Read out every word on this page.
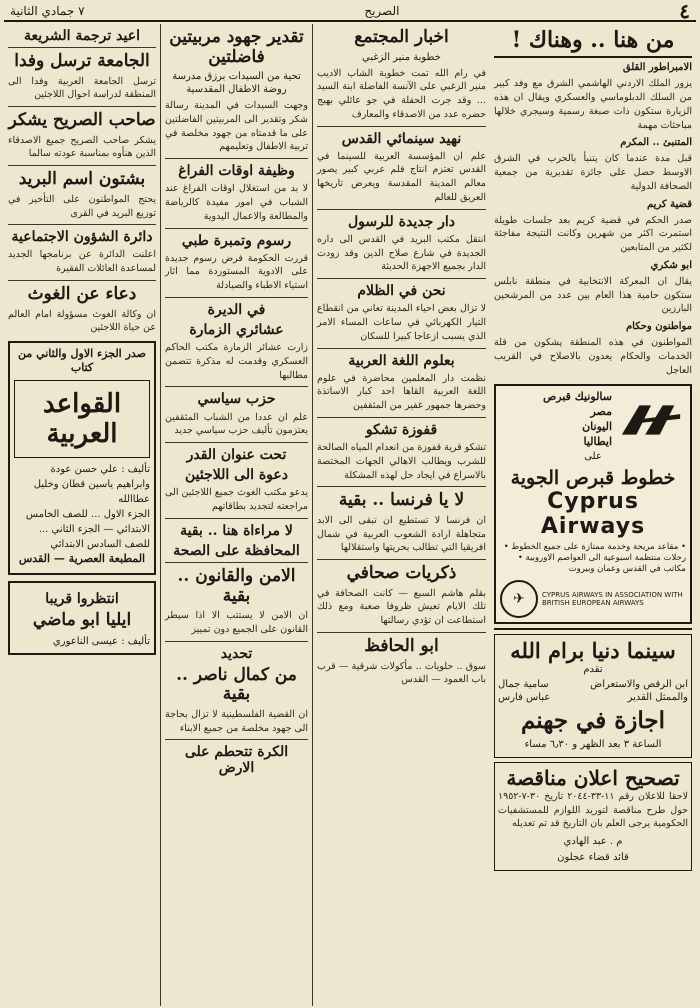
٤
الصريح
٧ جمادي الثانية
من هنا .. وهناك !
الامبراطور القلق
يزور الملك الاردني الهاشمي الشرق مع وفد كبير من السلك الدبلوماسي والعسكري ويقال ان هذه الزيارة ستكون ذات صبغة رسمية وسيجري خلالها مباحثات مهمة
المتنبئ .. المكرم
قبل مدة عندما كان يتنبأ بالحرب في الشرق الاوسط حصل على جائزة تقديرية من جمعية الصحافة الدولية
قضية كريم
صدر الحكم في قضية كريم بعد جلسات طويلة استمرت اكثر من شهرين وكانت النتيجة مفاجئة لكثير من المتابعين
ابو شكري
يقال ان المعركة الانتخابية في منطقة نابلس ستكون حامية هذا العام بين عدد من المرشحين البارزين
مواطنون وحكام
المواطنون في هذه المنطقة يشكون من قلة الخدمات والحكام يعدون بالاصلاح في القريب العاجل
سالونيك قبرص
مصر
اليونان
ايطاليا
على
خطوط قبرص الجوية
Cyprus Airways
• مقاعد مريحة وخدمة ممتازة على جميع الخطوط • رحلات منتظمة اسبوعية الى العواصم الاوروبية • مكاتب في القدس وعمان وبيروت
✈	CYPRUS AIRWAYS IN ASSOCIATION WITH BRITISH EUROPEAN AIRWAYS
سينما دنيا برام الله
تقدم
ابن الرقص والاستعراض
سامية جمال
والممثل القدير
عباس فارس
اجازة في جهنم
الساعة ٣ بعد الظهر و ٦٫٣٠ مساء
تصحيح اعلان مناقصة
لاحقا للاعلان رقم ١١-٣٣-٢٠٤٤ تاريخ ٣٠-٧-١٩٥٢ حول طرح مناقصة لتوريد اللوازم للمستشفيات الحكومية يرجى العلم بان التاريخ قد تم تعديله
م . عبد الهادي
قائد قضاء عجلون
اخبار المجتمع
خطوبة منير الزغبي
في رام الله تمت خطوبة الشاب الاديب منير الزغبي على الآنسة الفاضلة ابنة السيد ... وقد جرت الحفلة في جو عائلي بهيج حضره عدد من الاصدقاء والمعارف
نهيد سينمائي القدس
علم ان المؤسسة العربية للسينما في القدس تعتزم انتاج فلم عربي كبير يصور معالم المدينة المقدسة ويعرض تاريخها العريق للعالم
دار جديدة للرسول
انتقل مكتب البريد في القدس الى داره الجديدة في شارع صلاح الدين وقد زودت الدار بجميع الاجهزة الحديثة
نحن في الظلام
لا تزال بعض احياء المدينة تعاني من انقطاع التيار الكهربائي في ساعات المساء الامر الذي يسبب ازعاجا كبيرا للسكان
بعلوم اللغة العربية
نظمت دار المعلمين محاضرة في علوم اللغة العربية القاها احد كبار الاساتذة وحضرها جمهور غفير من المثقفين
قفوزة تشكو
تشكو قرية قفوزة من انعدام المياه الصالحة للشرب ويطالب الاهالي الجهات المختصة بالاسراع في ايجاد حل لهذه المشكلة
لا يا فرنسا .. بقية
ان فرنسا لا تستطيع ان تبقى الى الابد متجاهلة ارادة الشعوب العربية في شمال افريقيا التي تطالب بحريتها واستقلالها
ذكريات صحافي
بقلم هاشم السبع — كانت الصحافة في تلك الايام تعيش ظروفا صعبة ومع ذلك استطاعت ان تؤدي رسالتها
ابو الحافظ
سوق .. حلويات .. مأكولات شرقية — قرب باب العمود — القدس
تقدير جهود مربيتين فاضلتين
تحية من السيدات برزق مدرسة روضة الاطفال المقدسية
وجهت السيدات في المدينة رسالة شكر وتقدير الى المربيتين الفاضلتين على ما قدمتاه من جهود مخلصة في تربية الاطفال وتعليمهم
وظيفة اوقات الفراغ
لا بد من استغلال اوقات الفراغ عند الشباب في امور مفيدة كالرياضة والمطالعة والاعمال اليدوية
رسوم وتمبرة طبي
قررت الحكومة فرض رسوم جديدة على الادوية المستوردة مما اثار استياء الاطباء والصيادلة
في الديرة
عشائري الزمارة
زارت عشائر الزمارة مكتب الحاكم العسكري وقدمت له مذكرة تتضمن مطالبها
حزب سياسي
علم ان عددا من الشباب المثقفين يعتزمون تأليف حزب سياسي جديد
تحت عنوان القدر
دعوة الى اللاجئين
يدعو مكتب الغوث جميع اللاجئين الى مراجعته لتجديد بطاقاتهم
لا مراءاة هنا .. بقية
المحافظة على الصحة
الامن والقانون .. بقية
ان الامن لا يستتب الا اذا سيطر القانون على الجميع دون تمييز
تحديد
من كمال ناصر .. بقية
ان القضية الفلسطينية لا تزال بحاجة الى جهود مخلصة من جميع الابناء
الكرة تتحطم على الارض
اعيد ترجمة الشريعة
الجامعة ترسل وفدا
ترسل الجامعة العربية وفدا الى المنطقة لدراسة احوال اللاجئين
صاحب الصريح يشكر
يشكر صاحب الصريح جميع الاصدقاء الذين هنأوه بمناسبة عودته سالما
بشتون اسم البريد
يحتج المواطنون على التأخير في توزيع البريد في القرى
دائرة الشؤون الاجتماعية
اعلنت الدائرة عن برنامجها الجديد لمساعدة العائلات الفقيرة
دعاء عن الغوث
ان وكالة الغوث مسؤولة امام العالم عن حياة اللاجئين
صدر الجزء الاول والثاني من كتاب
القواعد العربية
تأليف : علي حسن عودة وابراهيم ياسين قطان وخليل عطاالله
الجزء الاول ... للصف الخامس الابتدائي — الجزء الثاني ... للصف السادس الابتدائي
المطبعة العصرية — القدس
انتظروا قريبا
ايليا ابو ماضي
تأليف : عيسى الناعوري
